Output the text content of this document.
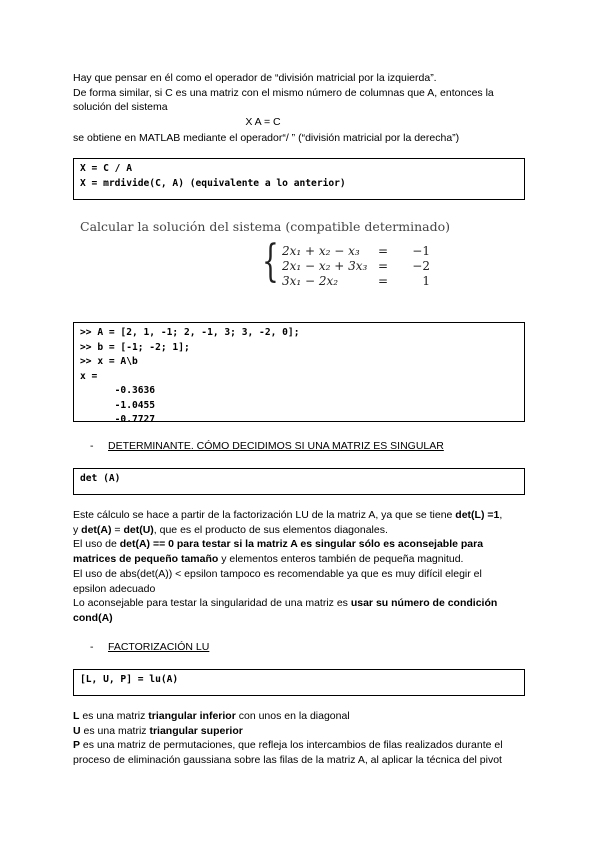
Hay que pensar en él como el operador de “división matricial por la izquierda”.
De forma similar, si C es una matriz con el mismo número de columnas que A, entonces la
solución del sistema
X A = C
se obtiene en MATLAB mediante el operador“/ ” (“división matricial por la derecha”)
X = C / A
X = mrdivide(C, A) (equivalente a lo anterior)
Calcular la solución del sistema (compatible determinado)
{ 2x₁ + x₂ − x₃ =	−1
2x₁ − x₂ + 3x₃ =	−2
3x₁ − 2x₂	=	1
>> A = [2, 1, -1; 2, -1, 3; 3, -2, 0];
>> b = [-1; -2; 1];
>> x = A\b
x =
-0.3636
-1.0455
-0.7727
- DETERMINANTE. CÓMO DECIDIMOS SI UNA MATRIZ ES SINGULAR
det (A)
Este cálculo se hace a partir de la factorización LU de la matriz A, ya que se tiene det(L) =1,
y det(A) = det(U), que es el producto de sus elementos diagonales.
El uso de det(A) == 0 para testar si la matriz A es singular sólo es aconsejable para
matrices de pequeño tamaño y elementos enteros también de pequeña magnitud.
El uso de abs(det(A)) < epsilon tampoco es recomendable ya que es muy difícil elegir el
epsilon adecuado
Lo aconsejable para testar la singularidad de una matriz es usar su número de condición
cond(A)
- FACTORIZACIÓN LU
[L, U, P] = lu(A)
L es una matriz triangular inferior con unos en la diagonal
U es una matriz triangular superior
P es una matriz de permutaciones, que refleja los intercambios de filas realizados durante el
proceso de eliminación gaussiana sobre las filas de la matriz A, al aplicar la técnica del pivot
